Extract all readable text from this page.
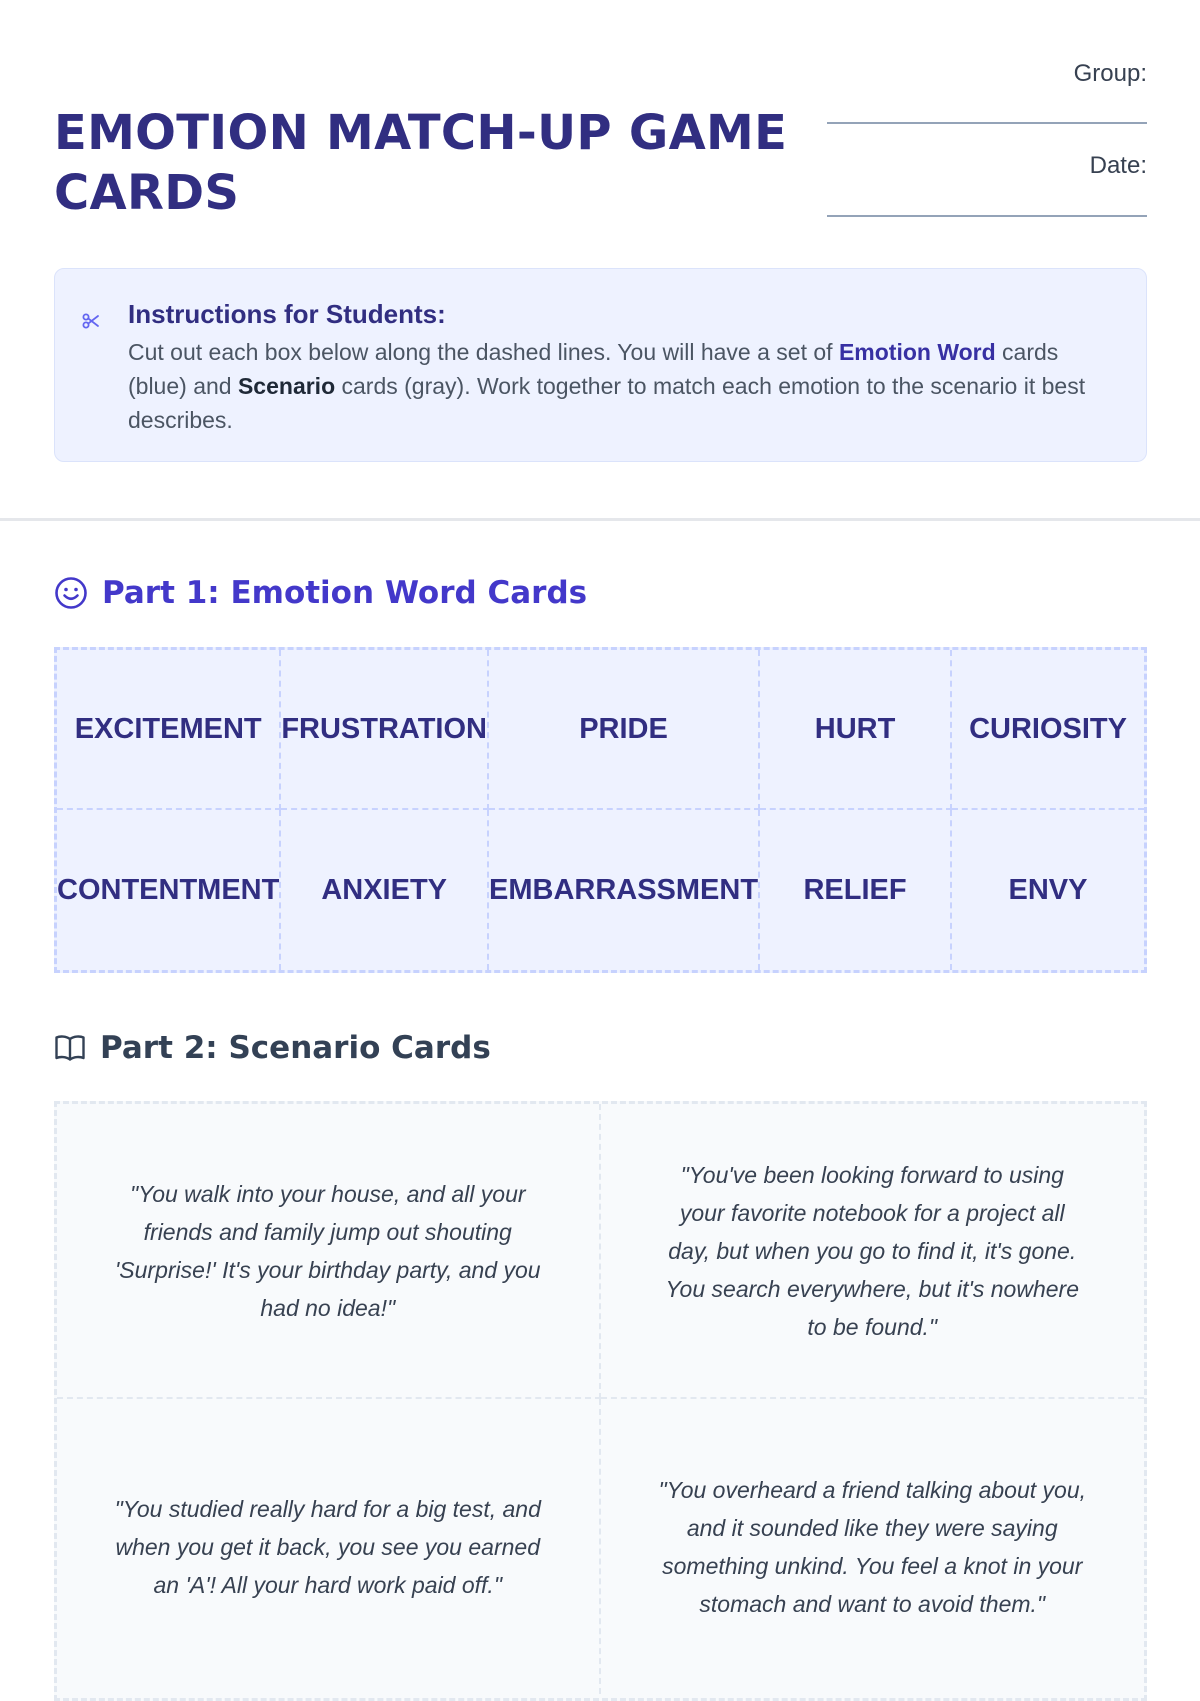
EMOTION MATCH-UP GAME CARDS
Group:
Date:
Instructions for Students:

Cut out each box below along the dashed lines. You will have a set of Emotion Word cards (blue) and Scenario cards (gray). Work together to match each emotion to the scenario it best describes.

Part 1: Emotion Word Cards
EXCITEMENT FRUSTRATION	PRIDE	HURT	CURIOSITY
CONTENTMENT	ANXIETY	EMBARRASSMENT	RELIEF	ENVY
Part 2: Scenario Cards
"You walk into your house, and all your friends and family jump out shouting 'Surprise!' It's your birthday party, and you had no idea!"
"You've been looking forward to using your favorite notebook for a project all day, but when you go to find it, it's gone. You search everywhere, but it's nowhere to be found."
"You studied really hard for a big test, and when you get it back, you see you earned an 'A'! All your hard work paid off."
"You overheard a friend talking about you, and it sounded like they were saying something unkind. You feel a knot in your stomach and want to avoid them."
